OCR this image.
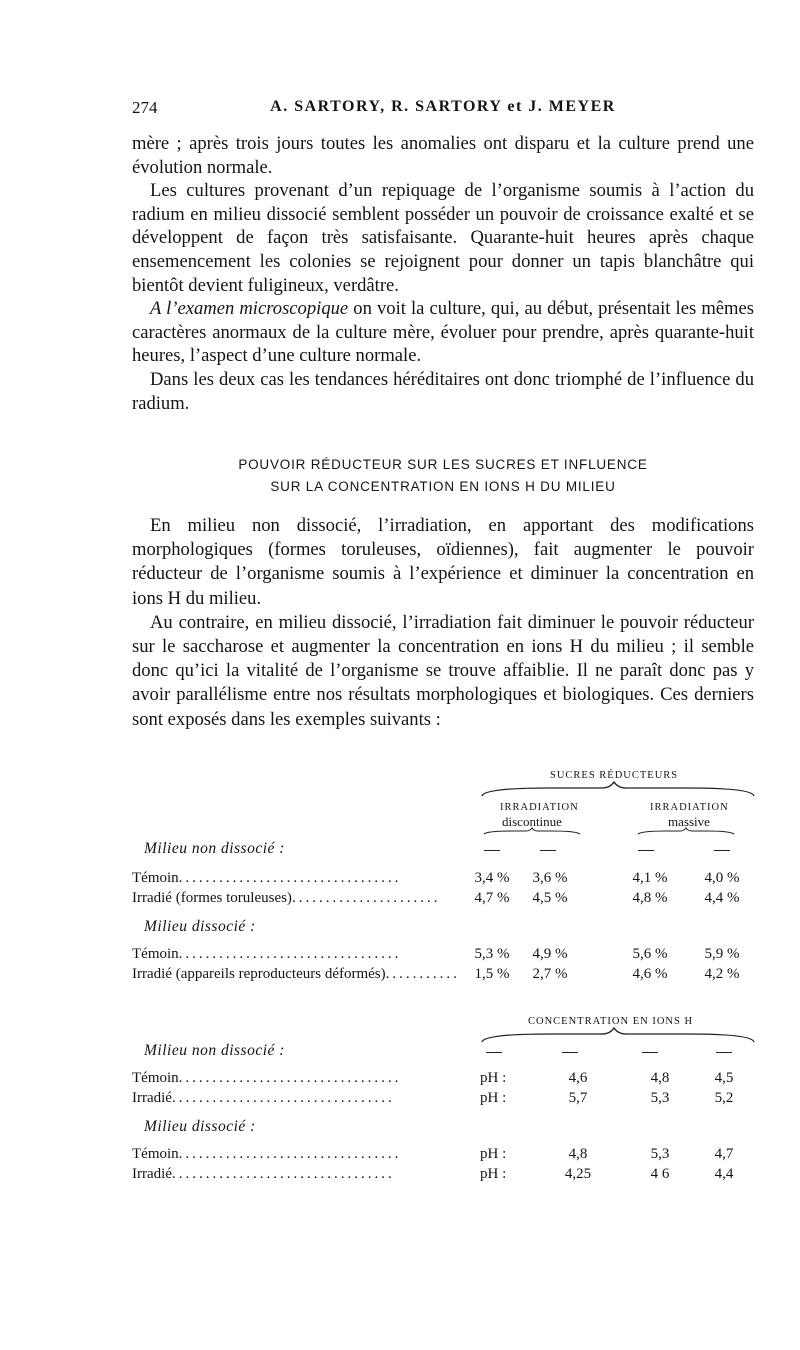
274	A. SARTORY, R. SARTORY et J. MEYER

mère ; après trois jours toutes les anomalies ont disparu et la culture prend une évolution normale.

Les cultures provenant d’un repiquage de l’organisme soumis à l’action du radium en milieu dissocié semblent posséder un pouvoir de croissance exalté et se développent de façon très satisfaisante. Quarante-huit heures après chaque ensemencement les colonies se rejoignent pour donner un tapis blanchâtre qui bientôt devient fuligineux, verdâtre.

A l’examen microscopique on voit la culture, qui, au début, présentait les mêmes caractères anormaux de la culture mère, évoluer pour prendre, après quarante-huit heures, l’aspect d’une culture normale.

Dans les deux cas les tendances héréditaires ont donc triomphé de l’influence du radium.

POUVOIR RÉDUCTEUR SUR LES SUCRES ET INFLUENCE
SUR LA CONCENTRATION EN IONS H DU MILIEU

En milieu non dissocié, l’irradiation, en apportant des modifications morphologiques (formes toruleuses, oïdiennes), fait augmenter le pouvoir réducteur de l’organisme soumis à l’expérience et diminuer la concentration en ions H du milieu.

Au contraire, en milieu dissocié, l’irradiation fait diminuer le pouvoir réducteur sur le saccharose et augmenter la concentration en ions H du milieu ; il semble donc qu’ici la vitalité de l’organisme se trouve affaiblie. Il ne paraît donc pas y avoir parallélisme entre nos résultats morphologiques et biologiques. Ces derniers sont exposés dans les exemples suivants :

SUCRES RÉDUCTEURS
IRRADIATION
discontinue
IRRADIATION
massive
Milieu non dissocié :
Témoin.................................	3,4 %	3,6 %	4,1 %	4,0 %
Irradié (formes toruleuses)......................	4,7 %	4,5 %	4,8 %	4,4 %
Milieu dissocié :
Témoin.................................	5,3 %	4,9 %	5,6 %	5,9 %
Irradié (appareils reproducteurs déformés)........... 1,5 %	2,7 %	4,6 %	4,2 %
CONCENTRATION EN IONS H
Milieu non dissocié :
Témoin.................................	pH :	4,6	4,8	4,5
Irradié.................................	pH :	5,7	5,3	5,2
Milieu dissocié :
Témoin.................................	pH :	4,8	5,3	4,7
Irradié.................................	pH :	4,25	4 6	4,4
